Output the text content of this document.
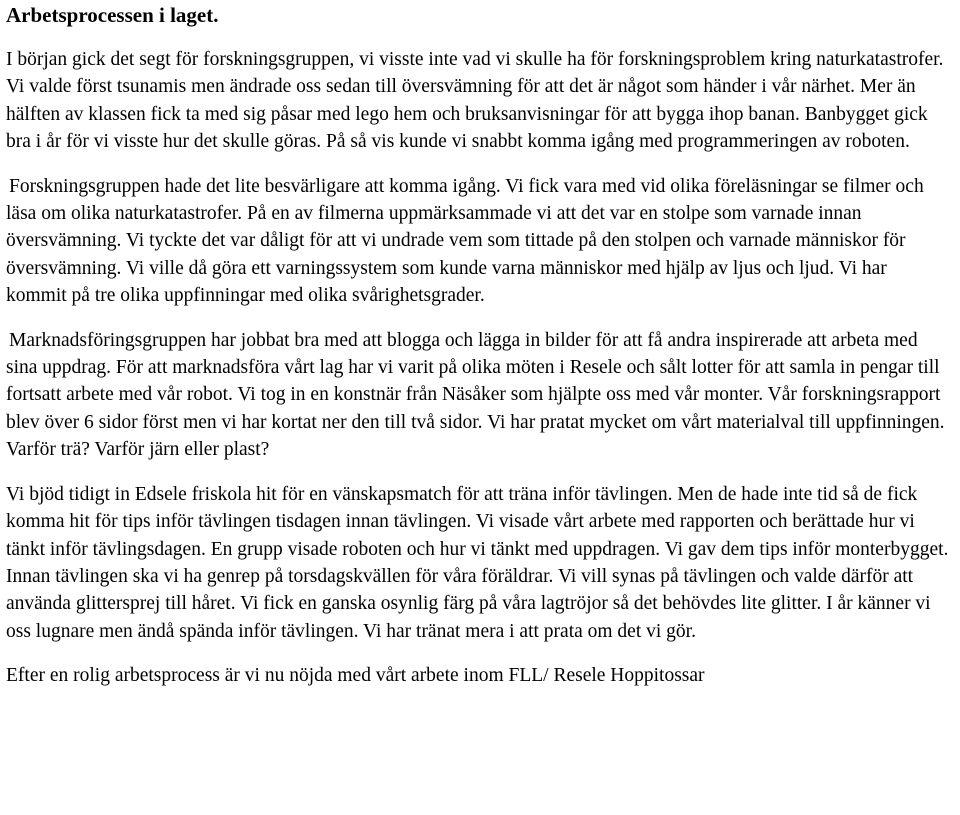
Arbetsprocessen i laget.

I början gick det segt för forskningsgruppen, vi visste inte vad vi skulle ha för forskningsproblem kring naturkatastrofer. Vi valde först tsunamis men ändrade oss sedan till översvämning för att det är något som händer i vår närhet. Mer än hälften av klassen fick ta med sig påsar med lego hem och bruksanvisningar för att bygga ihop banan. Banbygget gick bra i år för vi visste hur det skulle göras. På så vis kunde vi snabbt komma igång med programmeringen av roboten.

Forskningsgruppen hade det lite besvärligare att komma igång. Vi fick vara med vid olika föreläsningar se filmer och läsa om olika naturkatastrofer. På en av filmerna uppmärksammade vi att det var en stolpe som varnade innan översvämning. Vi tyckte det var dåligt för att vi undrade vem som tittade på den stolpen och varnade människor för översvämning. Vi ville då göra ett varningssystem som kunde varna människor med hjälp av ljus och ljud. Vi har kommit på tre olika uppfinningar med olika svårighetsgrader.

Marknadsföringsgruppen har jobbat bra med att blogga och lägga in bilder för att få andra inspirerade att arbeta med sina uppdrag. För att marknadsföra vårt lag har vi varit på olika möten i Resele och sålt lotter för att samla in pengar till fortsatt arbete med vår robot. Vi tog in en konstnär från Näsåker som hjälpte oss med vår monter. Vår forskningsrapport blev över 6 sidor först men vi har kortat ner den till två sidor. Vi har pratat mycket om vårt materialval till uppfinningen. Varför trä? Varför järn eller plast?

Vi bjöd tidigt in Edsele friskola hit för en vänskapsmatch för att träna inför tävlingen. Men de hade inte tid så de fick komma hit för tips inför tävlingen tisdagen innan tävlingen. Vi visade vårt arbete med rapporten och berättade hur vi tänkt inför tävlingsdagen. En grupp visade roboten och hur vi tänkt med uppdragen. Vi gav dem tips inför monterbygget. Innan tävlingen ska vi ha genrep på torsdagskvällen för våra föräldrar. Vi vill synas på tävlingen och valde därför att använda glittersprej till håret. Vi fick en ganska osynlig färg på våra lagtröjor så det behövdes lite glitter. I år känner vi oss lugnare men ändå spända inför tävlingen. Vi har tränat mera i att prata om det vi gör.

Efter en rolig arbetsprocess är vi nu nöjda med vårt arbete inom FLL/ Resele Hoppitossar
